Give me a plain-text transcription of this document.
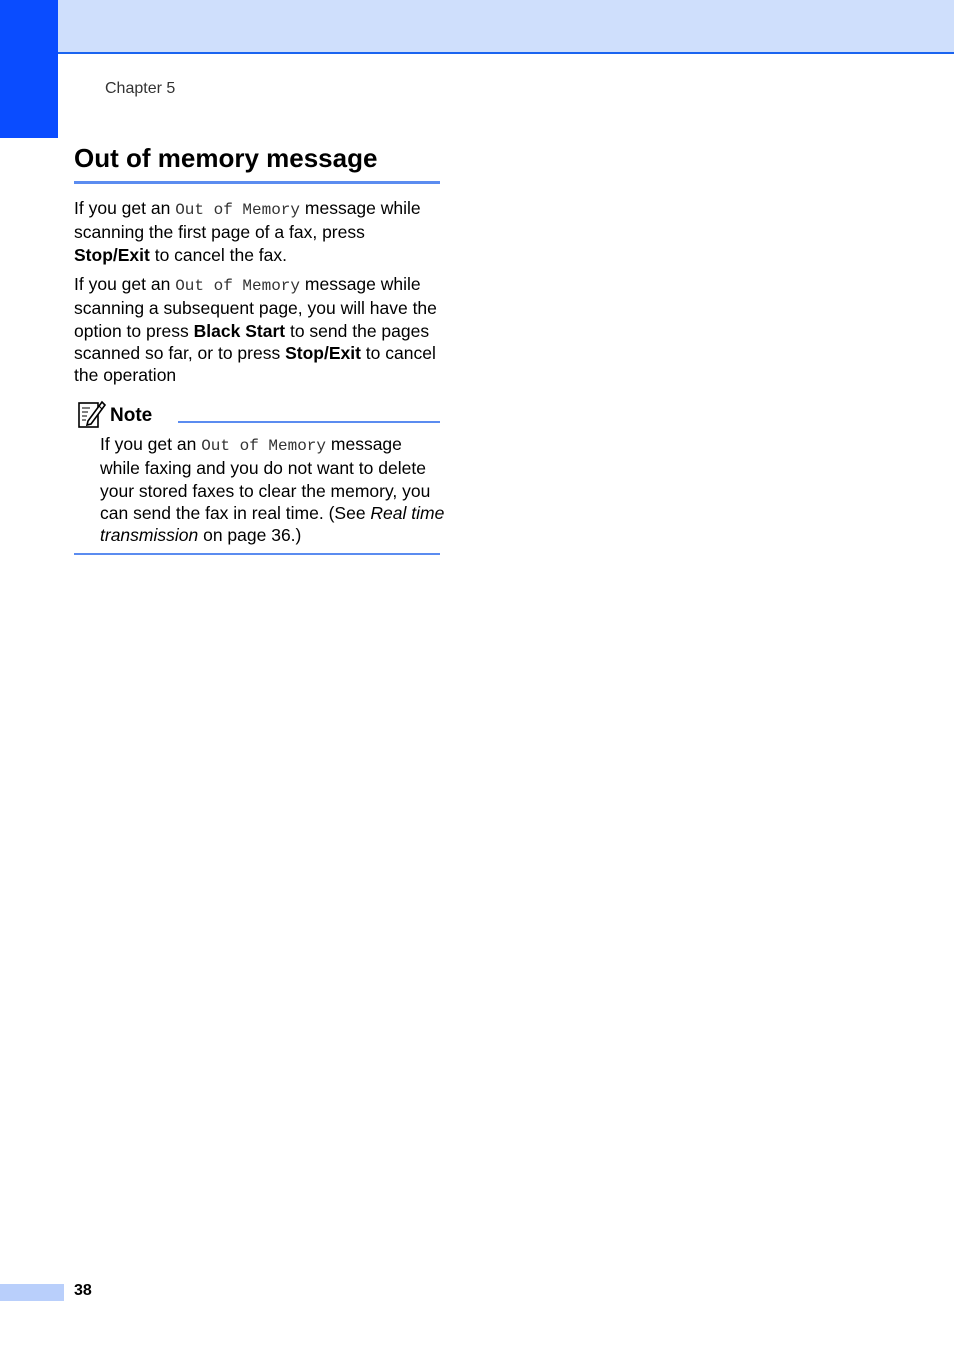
Chapter 5
Out of memory message

If you get an Out of Memory message while scanning the first page of a fax, press Stop/Exit to cancel the fax.

If you get an Out of Memory message while scanning a subsequent page, you will have the option to press Black Start to send the pages scanned so far, or to press Stop/Exit to cancel the operation

Note

If you get an Out of Memory message while faxing and you do not want to delete your stored faxes to clear the memory, you can send the fax in real time. (See Real time transmission on page 36.)

38
